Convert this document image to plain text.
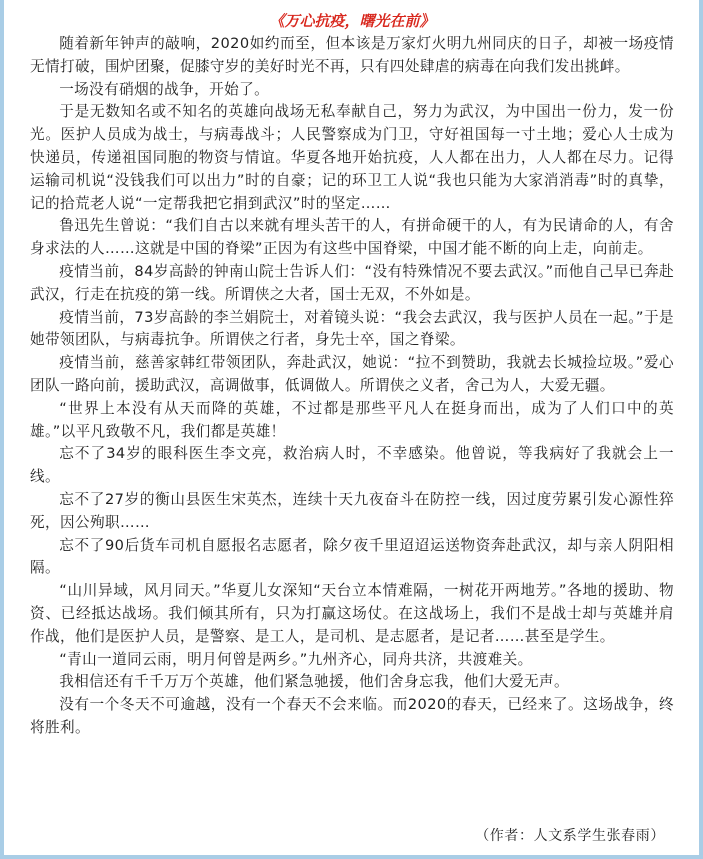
《万心抗疫，曙光在前》

随着新年钟声的敲响，2020如约而至，但本该是万家灯火明九州同庆的日子，却被一场疫情无情打破，围炉团聚，促膝守岁的美好时光不再，只有四处肆虐的病毒在向我们发出挑衅。

一场没有硝烟的战争，开始了。

于是无数知名或不知名的英雄向战场无私奉献自己，努力为武汉，为中国出一份力，发一份光。医护人员成为战士，与病毒战斗；人民警察成为门卫，守好祖国每一寸土地；爱心人士成为快递员，传递祖国同胞的物资与情谊。华夏各地开始抗疫，人人都在出力，人人都在尽力。记得运输司机说“没钱我们可以出力”时的自豪；记的环卫工人说“我也只能为大家消消毒”时的真挚，记的拾荒老人说“一定帮我把它捐到武汉”时的坚定……

鲁迅先生曾说：“我们自古以来就有埋头苦干的人，有拼命硬干的人，有为民请命的人，有舍身求法的人……这就是中国的脊梁”正因为有这些中国脊梁，中国才能不断的向上走，向前走。

疫情当前，84岁高龄的钟南山院士告诉人们：“没有特殊情况不要去武汉。”而他自己早已奔赴武汉，行走在抗疫的第一线。所谓侠之大者，国士无双，不外如是。

疫情当前，73岁高龄的李兰娟院士，对着镜头说：“我会去武汉，我与医护人员在一起。”于是她带领团队，与病毒抗争。所谓侠之行者，身先士卒，国之脊梁。

疫情当前，慈善家韩红带领团队，奔赴武汉，她说：“拉不到赞助，我就去长城捡垃圾。”爱心团队一路向前，援助武汉，高调做事，低调做人。所谓侠之义者，舍己为人，大爱无疆。

“世界上本没有从天而降的英雄，不过都是那些平凡人在挺身而出，成为了人们口中的英雄。”以平凡致敬不凡，我们都是英雄！

忘不了34岁的眼科医生李文亮，救治病人时，不幸感染。他曾说，等我病好了我就会上一线。

忘不了27岁的衡山县医生宋英杰，连续十天九夜奋斗在防控一线，因过度劳累引发心源性猝死，因公殉职……

忘不了90后货车司机自愿报名志愿者，除夕夜千里迢迢运送物资奔赴武汉，却与亲人阴阳相隔。

“山川异域，风月同天。”华夏儿女深知“天台立本情难隔，一树花开两地芳。”各地的援助、物资、已经抵达战场。我们倾其所有，只为打赢这场仗。在这战场上，我们不是战士却与英雄并肩作战，他们是医护人员，是警察、是工人，是司机、是志愿者，是记者……甚至是学生。

“青山一道同云雨，明月何曾是两乡。”九州齐心，同舟共济，共渡难关。

我相信还有千千万万个英雄，他们紧急驰援，他们舍身忘我，他们大爱无声。

没有一个冬天不可逾越，没有一个春天不会来临。而2020的春天，已经来了。这场战争，终将胜利。

（作者：人文系学生张春雨）
